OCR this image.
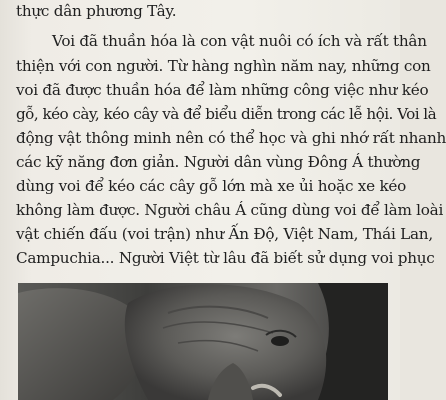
thực dân phương Tây.
Voi đã thuần hóa là con vật nuôi có ích và rất thân
thiện với con người. Từ hàng nghìn năm nay, những con
voi đã được thuần hóa để làm những công việc như kéo
gỗ, kéo cày, kéo cây và để biểu diễn trong các lễ hội. Voi là
động vật thông minh nên có thể học và ghi nhớ rất nhanh
các kỹ năng đơn giản. Người dân vùng Đông Á thường
dùng voi để kéo các cây gỗ lớn mà xe ủi hoặc xe kéo
không làm được. Người châu Á cũng dùng voi để làm loài
vật chiến đấu (voi trận) như Ấn Độ, Việt Nam, Thái Lan,
Campuchia... Người Việt từ lâu đã biết sử dụng voi phục
